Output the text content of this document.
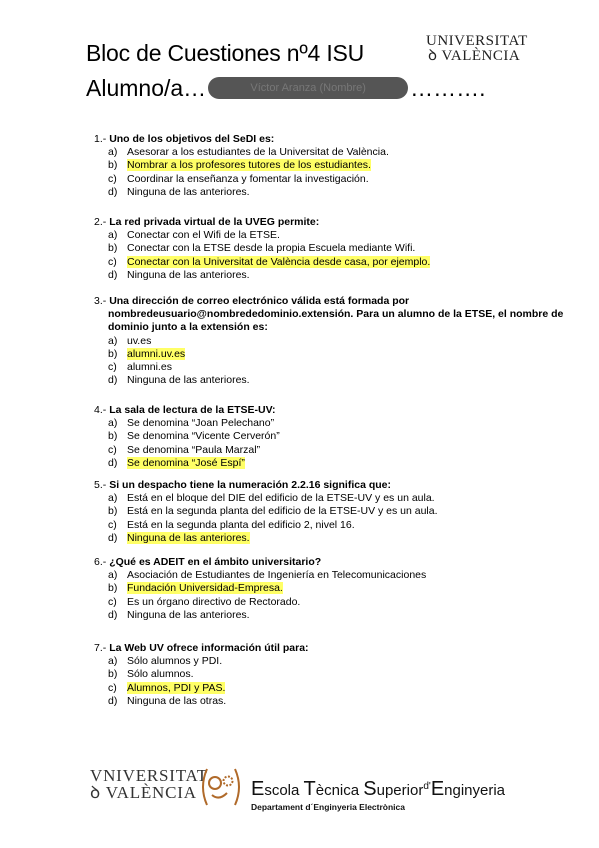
Bloc de Cuestiones nº4 ISU
Alumno/a…	Víctor Aranza (Nombre) ……….
UNIVERSITAT
ꝺ VALÈNCIA
1.- Uno de los objetivos del SeDI es:
a) Asesorar a los estudiantes de la Universitat de València.
b) Nombrar a los profesores tutores de los estudiantes.
c) Coordinar la enseñanza y fomentar la investigación.
d) Ninguna de las anteriores.
2.- La red privada virtual de la UVEG permite:
a) Conectar con el Wifi de la ETSE.
b) Conectar con la ETSE desde la propia Escuela mediante Wifi.
c) Conectar con la Universitat de València desde casa, por ejemplo.
d) Ninguna de las anteriores.
3.- Una dirección de correo electrónico válida está formada por
nombredeusuario@nombrededominio.extensión. Para un alumno de la ETSE, el nombre de dominio junto a la extensión es:
a) uv.es
b) alumni.uv.es
c) alumni.es
d) Ninguna de las anteriores.
4.- La sala de lectura de la ETSE-UV:
a) Se denomina “Joan Pelechano”
b) Se denomina “Vicente Cerverón”
c) Se denomina “Paula Marzal”
d) Se denomina “José Espí”
5.- Si un despacho tiene la numeración 2.2.16 significa que:
a) Está en el bloque del DIE del edificio de la ETSE-UV y es un aula.
b) Está en la segunda planta del edificio de la ETSE-UV y es un aula.
c) Está en la segunda planta del edificio 2, nivel 16.
d) Ninguna de las anteriores.
6.- ¿Qué es ADEIT en el ámbito universitario?
a) Asociación de Estudiantes de Ingeniería en Telecomunicaciones
b) Fundación Universidad-Empresa.
c) Es un órgano directivo de Rectorado.
d) Ninguna de las anteriores.
7.- La Web UV ofrece información útil para:
a) Sólo alumnos y PDI.
b) Sólo alumnos.
c) Alumnos, PDI y PAS.
d) Ninguna de las otras.
VNIVERSITAT
ꝺ VALÈNCIA	Escola Tècnica Superior$^{d'}$Enginyeria
Departament d´Enginyeria Electrònica
